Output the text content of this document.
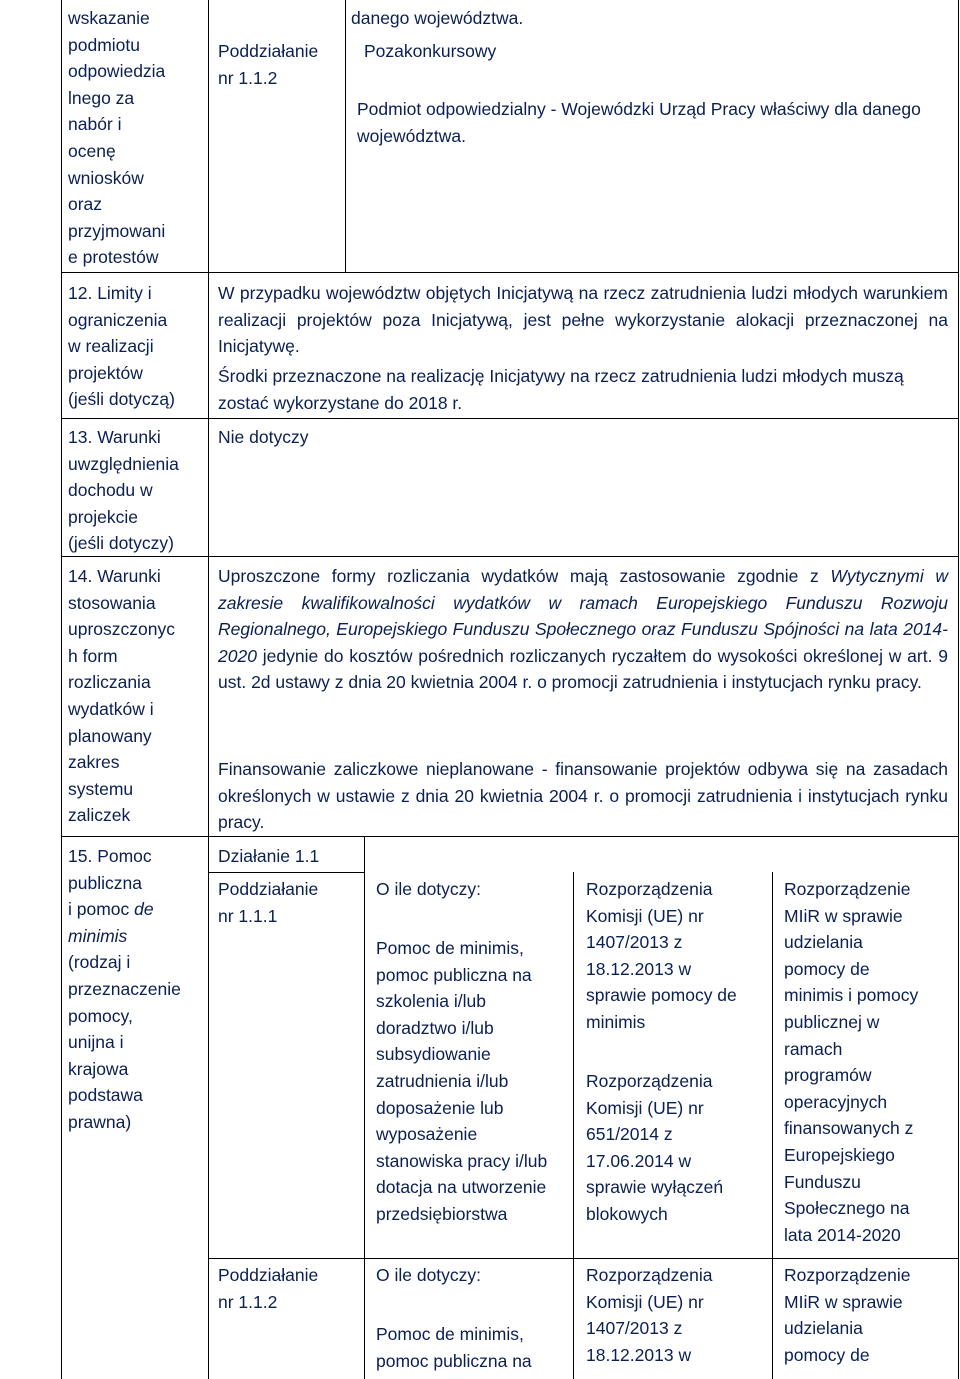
wskazanie
podmiotu
odpowiedzia
lnego za
nabór i
ocenę
wniosków
oraz
przyjmowani
e protestów
danego województwa.
Poddziałanie
nr 1.1.2
Pozakonkursowy
Podmiot odpowiedzialny - Wojewódzki Urząd Pracy właściwy dla danego województwa.
12. Limity i
ograniczenia
w realizacji
projektów
(jeśli dotyczą)
W przypadku województw objętych Inicjatywą na rzecz zatrudnienia ludzi młodych warunkiem realizacji projektów poza Inicjatywą, jest pełne wykorzystanie alokacji przeznaczonej na Inicjatywę.
Środki przeznaczone na realizację Inicjatywy na rzecz zatrudnienia ludzi młodych muszą zostać wykorzystane do 2018 r.
13. Warunki
uwzględnienia
dochodu w
projekcie
(jeśli dotyczy)
Nie dotyczy
14. Warunki
stosowania
uproszczonyc
h form
rozliczania
wydatków i
planowany
zakres
systemu
zaliczek
Uproszczone formy rozliczania wydatków mają zastosowanie zgodnie z Wytycznymi w zakresie kwalifikowalności wydatków w ramach Europejskiego Funduszu Rozwoju Regionalnego, Europejskiego Funduszu Społecznego oraz Funduszu Spójności na lata 2014-2020 jedynie do kosztów pośrednich rozliczanych ryczałtem do wysokości określonej w art. 9 ust. 2d ustawy z dnia 20 kwietnia 2004 r. o promocji zatrudnienia i instytucjach rynku pracy.
Finansowanie zaliczkowe nieplanowane - finansowanie projektów odbywa się na zasadach określonych w ustawie z dnia 20 kwietnia 2004 r. o promocji zatrudnienia i instytucjach rynku pracy.
15. Pomoc
publiczna
i pomoc de
minimis
(rodzaj i
przeznaczenie
pomocy,
unijna i
krajowa
podstawa
prawna)
Działanie 1.1
Poddziałanie
nr 1.1.1
O ile dotyczy:
Pomoc de minimis, pomoc publiczna na szkolenia i/lub doradztwo i/lub subsydiowanie zatrudnienia i/lub doposażenie lub wyposażenie stanowiska pracy i/lub dotacja na utworzenie przedsiębiorstwa
Rozporządzenia
Komisji (UE) nr
1407/2013 z
18.12.2013 w
sprawie pomocy de
minimis
Rozporządzenia
Komisji (UE) nr
651/2014 z
17.06.2014 w
sprawie wyłączeń
blokowych
Rozporządzenie
MIiR w sprawie
udzielania
pomocy de
minimis i pomocy
publicznej w
ramach
programów
operacyjnych
finansowanych z
Europejskiego
Funduszu
Społecznego na
lata 2014-2020
Poddziałanie
nr 1.1.2
O ile dotyczy:
Pomoc de minimis,
pomoc publiczna na
Rozporządzenia
Komisji (UE) nr
1407/2013 z
18.12.2013 w
Rozporządzenie
MIiR w sprawie
udzielania
pomocy de
